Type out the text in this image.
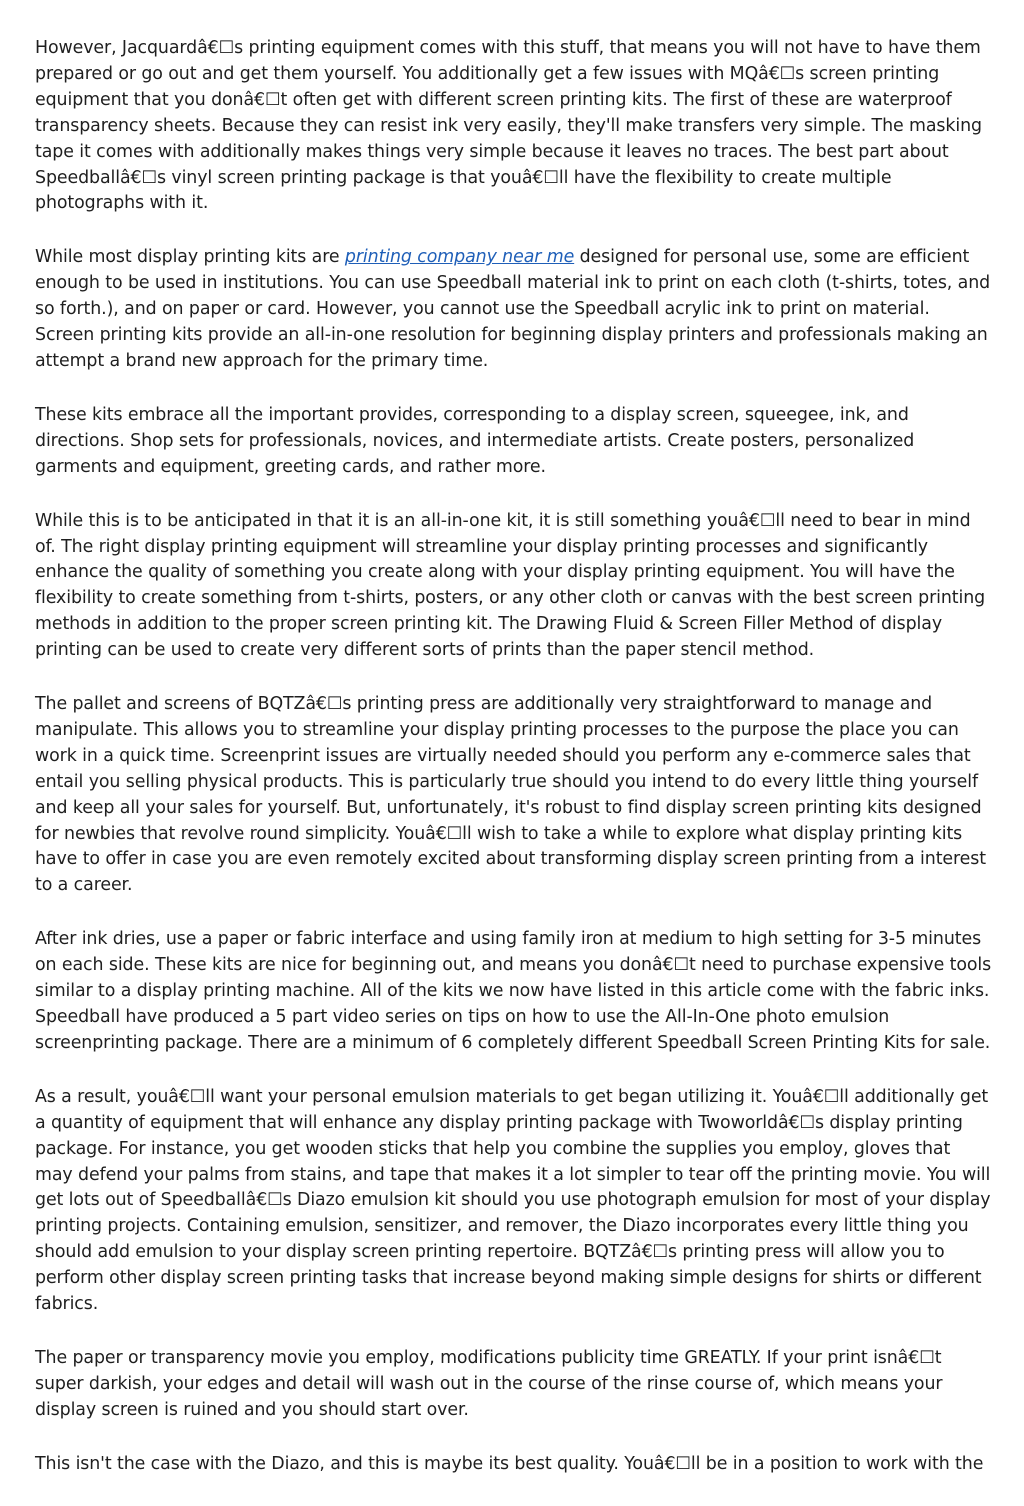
However, Jacquardâ€☐s printing equipment comes with this stuff, that means you will not have to have them prepared or go out and get them yourself. You additionally get a few issues with MQâ€☐s screen printing equipment that you donâ€☐t often get with different screen printing kits. The first of these are waterproof transparency sheets. Because they can resist ink very easily, they'll make transfers very simple. The masking tape it comes with additionally makes things very simple because it leaves no traces. The best part about Speedballâ€☐s vinyl screen printing package is that youâ€☐ll have the flexibility to create multiple photographs with it.

While most display printing kits are printing company near me designed for personal use, some are efficient enough to be used in institutions. You can use Speedball material ink to print on each cloth (t-shirts, totes, and so forth.), and on paper or card. However, you cannot use the Speedball acrylic ink to print on material. Screen printing kits provide an all-in-one resolution for beginning display printers and professionals making an attempt a brand new approach for the primary time.

These kits embrace all the important provides, corresponding to a display screen, squeegee, ink, and directions. Shop sets for professionals, novices, and intermediate artists. Create posters, personalized garments and equipment, greeting cards, and rather more.

While this is to be anticipated in that it is an all-in-one kit, it is still something youâ€☐ll need to bear in mind of. The right display printing equipment will streamline your display printing processes and significantly enhance the quality of something you create along with your display printing equipment. You will have the flexibility to create something from t-shirts, posters, or any other cloth or canvas with the best screen printing methods in addition to the proper screen printing kit. The Drawing Fluid & Screen Filler Method of display printing can be used to create very different sorts of prints than the paper stencil method.

The pallet and screens of BQTZâ€☐s printing press are additionally very straightforward to manage and manipulate. This allows you to streamline your display printing processes to the purpose the place you can work in a quick time. Screenprint issues are virtually needed should you perform any e-commerce sales that entail you selling physical products. This is particularly true should you intend to do every little thing yourself and keep all your sales for yourself. But, unfortunately, it's robust to find display screen printing kits designed for newbies that revolve round simplicity. Youâ€☐ll wish to take a while to explore what display printing kits have to offer in case you are even remotely excited about transforming display screen printing from a interest to a career.

After ink dries, use a paper or fabric interface and using family iron at medium to high setting for 3-5 minutes on each side. These kits are nice for beginning out, and means you donâ€☐t need to purchase expensive tools similar to a display printing machine. All of the kits we now have listed in this article come with the fabric inks. Speedball have produced a 5 part video series on tips on how to use the All-In-One photo emulsion screenprinting package. There are a minimum of 6 completely different Speedball Screen Printing Kits for sale.

As a result, youâ€☐ll want your personal emulsion materials to get began utilizing it. Youâ€☐ll additionally get a quantity of equipment that will enhance any display printing package with Twoworldâ€☐s display printing package. For instance, you get wooden sticks that help you combine the supplies you employ, gloves that may defend your palms from stains, and tape that makes it a lot simpler to tear off the printing movie. You will get lots out of Speedballâ€☐s Diazo emulsion kit should you use photograph emulsion for most of your display printing projects. Containing emulsion, sensitizer, and remover, the Diazo incorporates every little thing you should add emulsion to your display screen printing repertoire. BQTZâ€☐s printing press will allow you to perform other display screen printing tasks that increase beyond making simple designs for shirts or different fabrics.

The paper or transparency movie you employ, modifications publicity time GREATLY. If your print isnâ€☐t super darkish, your edges and detail will wash out in the course of the rinse course of, which means your display screen is ruined and you should start over.

This isn't the case with the Diazo, and this is maybe its best quality. Youâ€☐ll be in a position to work with the
